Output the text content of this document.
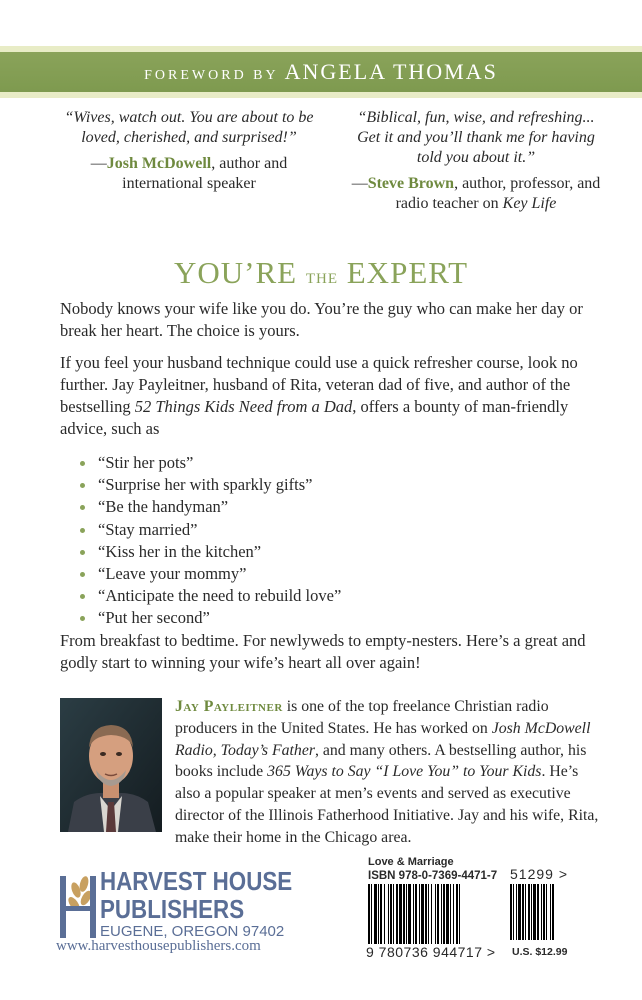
FOREWORD BY ANGELA THOMAS
“Wives, watch out. You are about to be loved, cherished, and surprised!”
—Josh McDowell, author and international speaker
“Biblical, fun, wise, and refreshing... Get it and you’ll thank me for having told you about it.”
—Steve Brown, author, professor, and radio teacher on Key Life
YOU’RE the EXPERT

Nobody knows your wife like you do. You’re the guy who can make her day or break her heart. The choice is yours.

If you feel your husband technique could use a quick refresher course, look no further. Jay Payleitner, husband of Rita, veteran dad of five, and author of the bestselling 52 Things Kids Need from a Dad, offers a bounty of man-friendly advice, such as

“Stir her pots”
“Surprise her with sparkly gifts”
“Be the handyman”
“Stay married”
“Kiss her in the kitchen”
“Leave your mommy”
“Anticipate the need to rebuild love”
“Put her second”

From breakfast to bedtime. For newlyweds to empty-nesters. Here’s a great and godly start to winning your wife’s heart all over again!

Jay Payleitner is one of the top freelance Christian radio producers in the United States. He has worked on Josh McDowell Radio, Today’s Father, and many others. A bestselling author, his books include 365 Ways to Say “I Love You” to Your Kids. He’s also a popular speaker at men’s events and served as executive director of the Illinois Fatherhood Initiative. Jay and his wife, Rita, make their home in the Chicago area.

HARVEST HOUSE
PUBLISHERS
EUGENE, OREGON 97402
www.harvesthousepublishers.com
Love & Marriage
ISBN 978-0-7369-4471-7 51299 >
9 780736 944717 > U.S. $12.99
